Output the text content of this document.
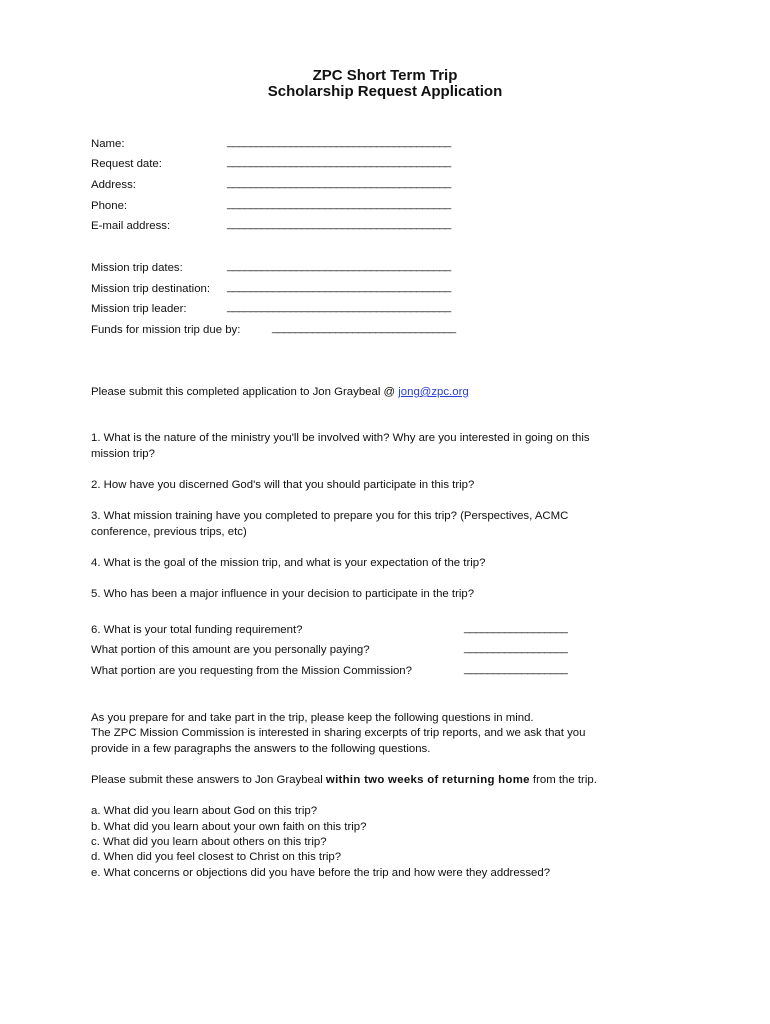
ZPC Short Term Trip
Scholarship Request Application
Name:	_______________________________________
Request date:	_______________________________________
Address:	_______________________________________
Phone:	_______________________________________
E-mail address:	_______________________________________
Mission trip dates:	_______________________________________
Mission trip destination: _______________________________________
Mission trip leader:	_______________________________________
Funds for mission trip due by:	________________________________
Please submit this completed application to Jon Graybeal @ jong@zpc.org
1. What is the nature of the ministry you'll be involved with? Why are you interested in going on this
mission trip?
2. How have you discerned God's will that you should participate in this trip?
3. What mission training have you completed to prepare you for this trip? (Perspectives, ACMC
conference, previous trips, etc)
4. What is the goal of the mission trip, and what is your expectation of the trip?
5. Who has been a major influence in your decision to participate in the trip?
6. What is your total funding requirement?	__________________
What portion of this amount are you personally paying?	__________________
What portion are you requesting from the Mission Commission?	__________________
As you prepare for and take part in the trip, please keep the following questions in mind.
The ZPC Mission Commission is interested in sharing excerpts of trip reports, and we ask that you
provide in a few paragraphs the answers to the following questions.
Please submit these answers to Jon Graybeal within two weeks of returning home from the trip.
a. What did you learn about God on this trip?
b. What did you learn about your own faith on this trip?
c. What did you learn about others on this trip?
d. When did you feel closest to Christ on this trip?
e. What concerns or objections did you have before the trip and how were they addressed?
